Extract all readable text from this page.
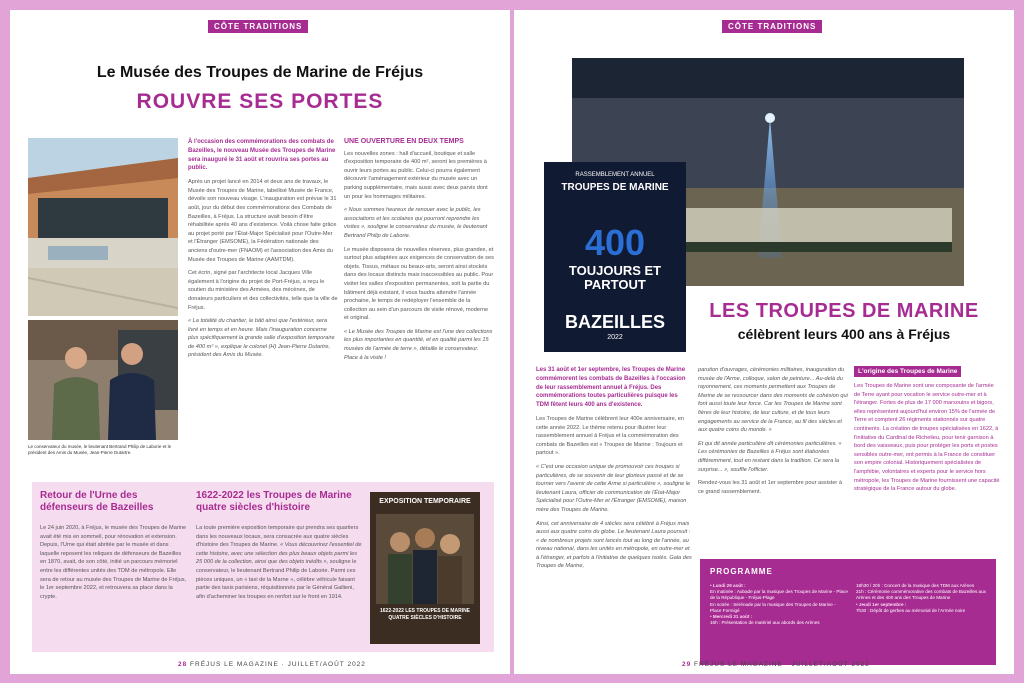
CÔTE TRADITIONS
Le Musée des Troupes de Marine de Fréjus
ROUVRE SES PORTES
Le conservateur du musée, le lieutenant Bertrand Philip de Laborie et le président des Amis du Musée, Jean-Pierre Dutartre.

À l'occasion des commémorations des combats de Bazeilles, le nouveau Musée des Troupes de Marine sera inauguré le 31 août et rouvrira ses portes au public.

Après un projet lancé en 2014 et deux ans de travaux, le Musée des Troupes de Marine, labellisé Musée de France, dévoile son nouveau visage. L'inauguration est prévue le 31 août, jour du début des commémorations des Combats de Bazeilles, à Fréjus. La structure avait besoin d'être réhabilitée après 40 ans d'existence. Voilà chose faite grâce au projet porté par l'État-Major Spécialisé pour l'Outre-Mer et l'Étranger (EMSOME), la Fédération nationale des anciens d'outre-mer (FNAOM) et l'association des Amis du Musée des Troupes de Marine (AAMTDM).

Cet écrin, signé par l'architecte local Jacques Ville également à l'origine du projet de Port-Fréjus, a reçu le soutien du ministère des Armées, des mécènes, de donateurs particuliers et des collectivités, telle que la ville de Fréjus.

« La totalité du chantier, le bâti ainsi que l'extérieur, sera livré en temps et en heure. Mais l'inauguration concerne plus spécifiquement la grande salle d'exposition temporaire de 400 m² », explique le colonel (H) Jean-Pierre Dutartre, président des Amis du Musée.

UNE OUVERTURE EN DEUX TEMPS

Les nouvelles zones : hall d'accueil, boutique et salle d'exposition temporaire de 400 m², seront les premières à ouvrir leurs portes au public. Celui-ci pourra également découvrir l'aménagement extérieur du musée avec un parking supplémentaire, mais aussi avec deux parvis dont un pour les hommages militaires.

« Nous sommes heureux de renouer avec le public, les associations et les scolaires qui pourront reprendre les visites », souligne le conservateur du musée, le lieutenant Bertrand Philip de Laborie.

Le musée disposera de nouvelles réserves, plus grandes, et surtout plus adaptées aux exigences de conservation de ses objets. Tissus, métaux ou beaux-arts, seront ainsi stockés dans des locaux distincts mais inaccessibles au public. Pour visiter les salles d'exposition permanentes, soit la partie du bâtiment déjà existant, il vous faudra attendre l'année prochaine, le temps de redéployer l'ensemble de la collection au sein d'un parcours de visite rénové, moderne et original.

« Le Musée des Troupes de Marine est l'une des collections les plus importantes en quantité, et en qualité parmi les 15 musées de l'armée de terre », détaille le conservateur. Place à la visite !

Retour de l'Urne des défenseurs de Bazeilles
Le 24 juin 2020, à Fréjus, le musée des Troupes de Marine avait été mis en sommeil, pour rénovation et extension. Depuis, l'Urne qui était abritée par le musée et dans laquelle reposent les reliques de défenseurs de Bazeilles en 1870, avait, de son côté, initié un parcours mémoriel entre les différentes unités des TDM de métropole. Elle sera de retour au musée des Troupes de Marine de Fréjus, le 1er septembre 2022, et retrouvera sa place dans la crypte.
1622-2022 les Troupes de Marine quatre siècles d'histoire
La toute première exposition temporaire qui prendra ses quartiers dans les nouveaux locaux, sera consacrée aux quatre siècles d'histoire des Troupes de Marine. « Vous découvrirez l'essentiel de cette histoire, avec une sélection des plus beaux objets parmi les 25 000 de la collection, ainsi que des objets inédits », souligne le conservateur, le lieutenant Bertrand Philip de Laborie. Parmi ces pièces uniques, un « taxi de la Marne », célèbre véhicule faisant partie des taxis parisiens, réquisitionnés par le Général Gallieni, afin d'acheminer les troupes en renfort sur le front en 1914.
EXPOSITION TEMPORAIRE
1622-2022 LES TROUPES DE MARINE QUATRE SIÈCLES D'HISTOIRE
28 FRÉJUS LE MAGAZINE · JUILLET/AOÛT 2022
CÔTE TRADITIONS
RASSEMBLEMENT ANNUEL
TROUPES DE MARINE
400
TOUJOURS ET PARTOUT
BAZEILLES
2022
LES TROUPES DE MARINE
célèbrent leurs 400 ans à Fréjus

Les 31 août et 1er septembre, les Troupes de Marine commémorent les combats de Bazeilles à l'occasion de leur rassemblement annuel à Fréjus. Des commémorations toutes particulières puisque les TDM fêtent leurs 400 ans d'existence.

Les Troupes de Marine célèbrent leur 400e anniversaire, en cette année 2022. Le thème retenu pour illustrer leur rassemblement annuel à Fréjus et la commémoration des combats de Bazeilles est « Troupes de Marine : Toujours et partout ».

« C'est une occasion unique de promouvoir ces troupes si particulières, de se souvenir de leur glorieux passé et de se tourner vers l'avenir de cette Arme si particulière », souligne le lieutenant Laura, officier de communication de l'État-Major Spécialisé pour l'Outre-Mer et l'Étranger (EMSOME), maison mère des Troupes de Marine.

Ainsi, cet anniversaire de 4 siècles sera célébré à Fréjus mais aussi aux quatre coins du globe. Le lieutenant Laura poursuit : « de nombreux projets sont lancés tout au long de l'année, au niveau national, dans les unités en métropole, en outre-mer et à l'étranger, et parfois à l'initiative de quelques isolés. Gala des Troupes de Marine,

parution d'ouvrages, cérémonies militaires, inauguration du musée de l'Arme, colloque, salon de peinture... Au-delà du rayonnement, ces moments permettent aux Troupes de Marine de se ressourcer dans des moments de cohésion qui font aussi toute leur force. Car les Troupes de Marine sont fières de leur histoire, de leur culture, et de tous leurs engagements au service de la France, au fil des siècles et aux quatre coins du monde. »

Et qui dit année particulière dit cérémonies particulières. « Les cérémonies de Bazeilles à Fréjus sont élaborées différemment, tout en restant dans la tradition. Ce sera la surprise... », souffle l'officier.

Rendez-vous les 31 août et 1er septembre pour assister à ce grand rassemblement.

L'origine des Troupes de Marine
Les Troupes de Marine sont une composante de l'armée de Terre ayant pour vocation le service outre-mer et à l'étranger. Fortes de plus de 17 000 marsouins et bigors, elles représentent aujourd'hui environ 15% de l'armée de Terre et comptent 26 régiments stationnés sur quatre continents. La création de troupes spécialisées en 1622, à l'initiative du Cardinal de Richelieu, pour tenir garnison à bord des vaisseaux, puis pour protéger les ports et postes sensibles outre-mer, ont permis à la France de constituer son empire colonial. Historiquement spécialistes de l'amphibie, volontaires et experts pour le service hors métropole, les Troupes de Marine fournissent une capacité stratégique de la France autour du globe.
PROGRAMME
• Lundi 29 août :
En matinée : Aubade par la musique des Troupes de Marine - Place de la République - Fréjus-Plage
En soirée : Sérénade par la musique des Troupes de Marine - Place Formigé
• Mercredi 31 août :
16h : Présentation de matériel aux abords des Arènes
18h30 / 20h : Concert de la musique des TDM aux Arènes
21h : Cérémonie commémorative des combats de Bazeilles aux Arènes et des 400 ans des Troupes de Marine
• Jeudi 1er septembre :
7h30 : Dépôt de gerbes au mémorial de l'Armée noire
29 FRÉJUS LE MAGAZINE · JUILLET/AOÛT 2022
